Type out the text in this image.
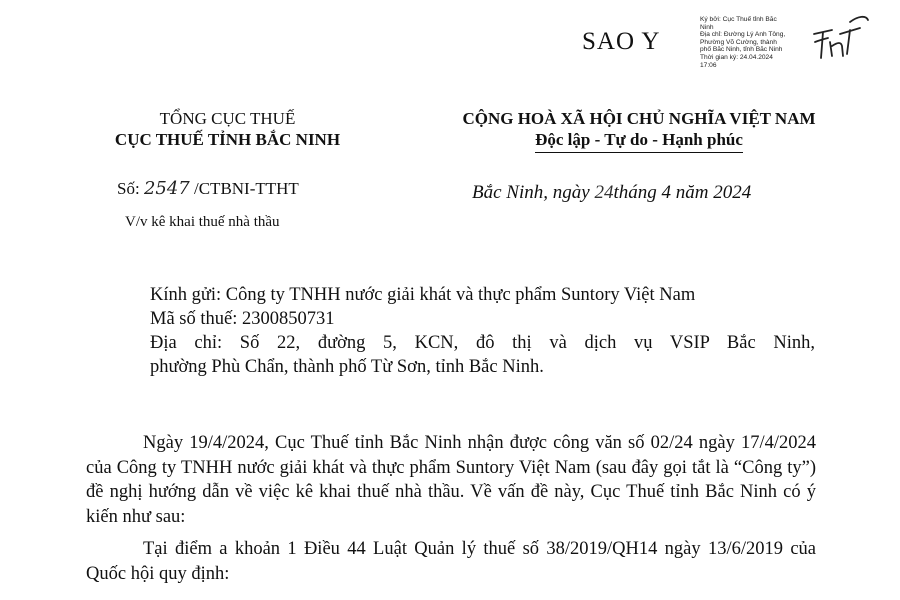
SAO Y
Ký bởi: Cục Thuế tỉnh Bắc
Ninh
Địa chỉ: Đường Lý Anh Tông,
Phường Võ Cường, thành
phố Bắc Ninh, tỉnh Bắc Ninh
Thời gian ký: 24.04.2024
17:06
TỔNG CỤC THUẾ
CỤC THUẾ TỈNH BẮC NINH
CỘNG HOÀ XÃ HỘI CHỦ NGHĨA VIỆT NAM
Độc lập - Tự do - Hạnh phúc
Số: 2547 /CTBNI-TTHT
V/v kê khai thuế nhà thầu
Bắc Ninh, ngày 24tháng 4 năm 2024
Kính gửi: Công ty TNHH nước giải khát và thực phẩm Suntory Việt Nam
Mã số thuế: 2300850731
Địa chỉ: Số 22, đường 5, KCN, đô thị và dịch vụ VSIP Bắc Ninh,
phường Phù Chẩn, thành phố Từ Sơn, tỉnh Bắc Ninh.

Ngày 19/4/2024, Cục Thuế tỉnh Bắc Ninh nhận được công văn số 02/24 ngày 17/4/2024 của Công ty TNHH nước giải khát và thực phẩm Suntory Việt Nam (sau đây gọi tắt là “Công ty”) đề nghị hướng dẫn về việc kê khai thuế nhà thầu. Về vấn đề này, Cục Thuế tỉnh Bắc Ninh có ý kiến như sau:

Tại điểm a khoản 1 Điều 44 Luật Quản lý thuế số 38/2019/QH14 ngày 13/6/2019 của Quốc hội quy định:
